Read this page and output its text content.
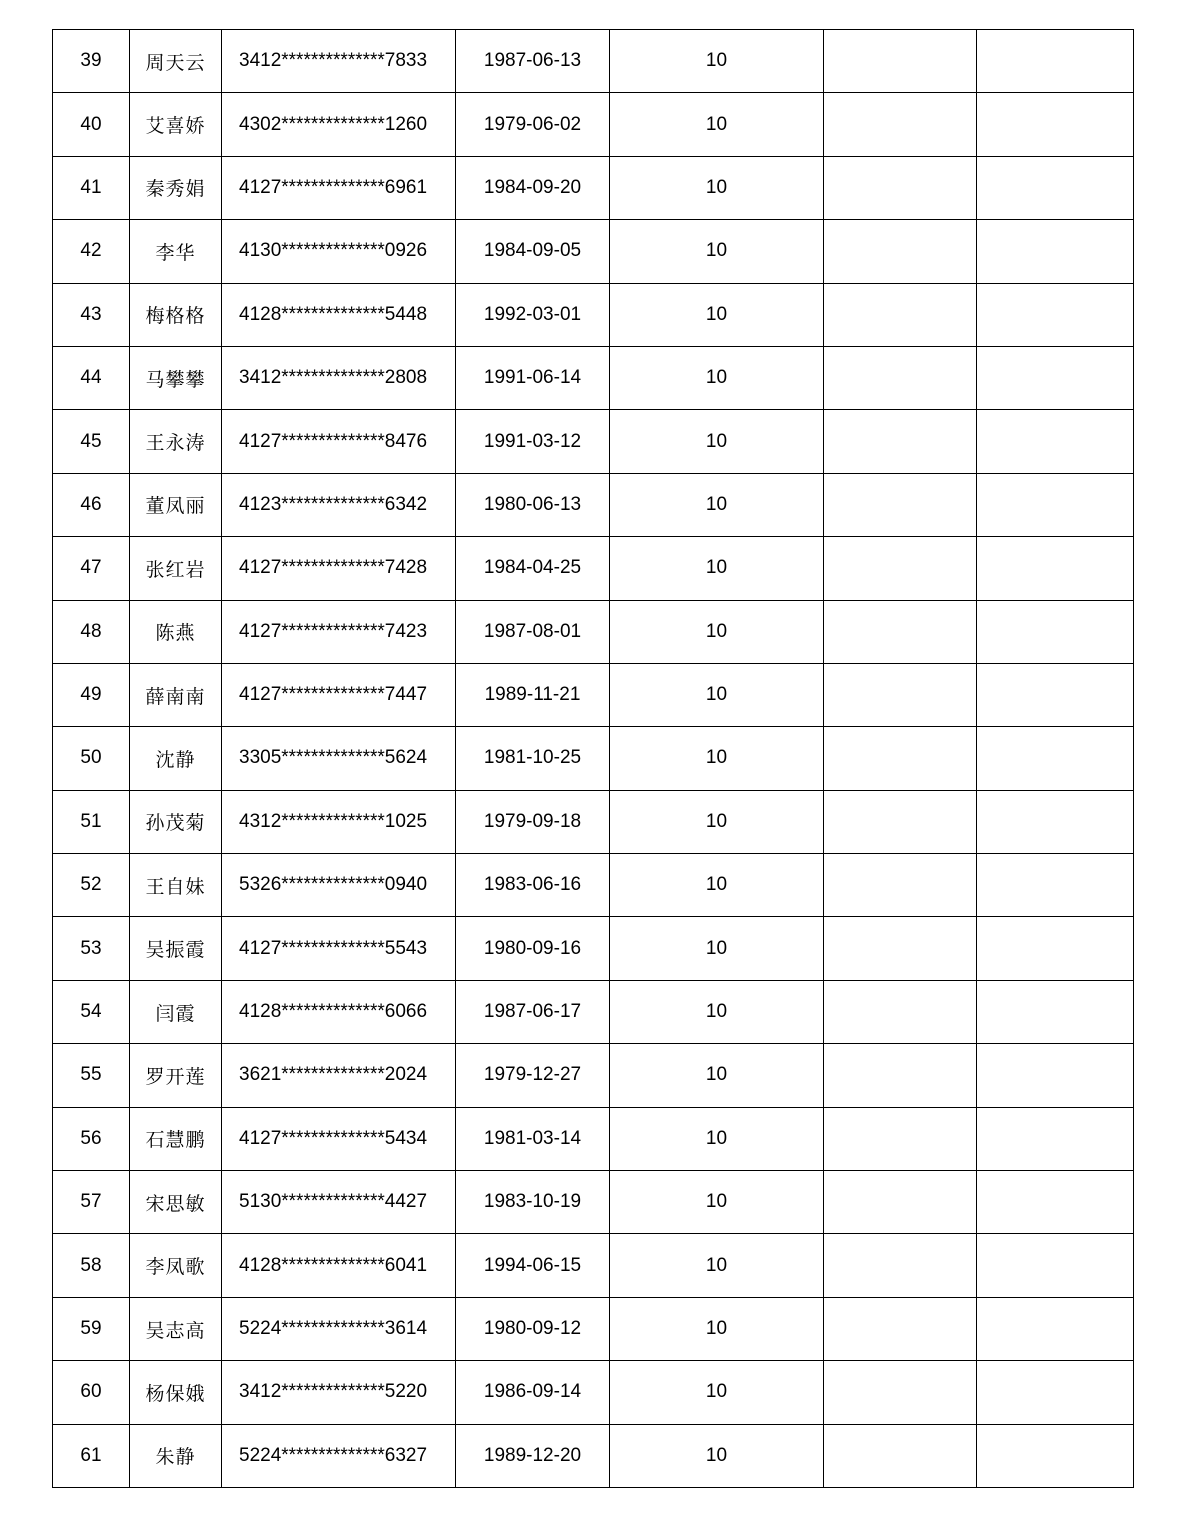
39	周天云	3412**************7833	1987-06-13	10		
40	艾喜娇	4302**************1260	1979-06-02	10		
41	秦秀娟	4127**************6961	1984-09-20	10		
42	李华	4130**************0926	1984-09-05	10		
43	梅格格	4128**************5448	1992-03-01	10		
44	马攀攀	3412**************2808	1991-06-14	10		
45	王永涛	4127**************8476	1991-03-12	10		
46	董凤丽	4123**************6342	1980-06-13	10		
47	张红岩	4127**************7428	1984-04-25	10		
48	陈燕	4127**************7423	1987-08-01	10		
49	薛南南	4127**************7447	1989-11-21	10		
50	沈静	3305**************5624	1981-10-25	10		
51	孙茂菊	4312**************1025	1979-09-18	10		
52	王自妹	5326**************0940	1983-06-16	10		
53	吴振霞	4127**************5543	1980-09-16	10		
54	闫霞	4128**************6066	1987-06-17	10		
55	罗开莲	3621**************2024	1979-12-27	10		
56	石慧鹏	4127**************5434	1981-03-14	10		
57	宋思敏	5130**************4427	1983-10-19	10		
58	李凤歌	4128**************6041	1994-06-15	10		
59	吴志高	5224**************3614	1980-09-12	10		
60	杨保娥	3412**************5220	1986-09-14	10		
61	朱静	5224**************6327	1989-12-20	10		
